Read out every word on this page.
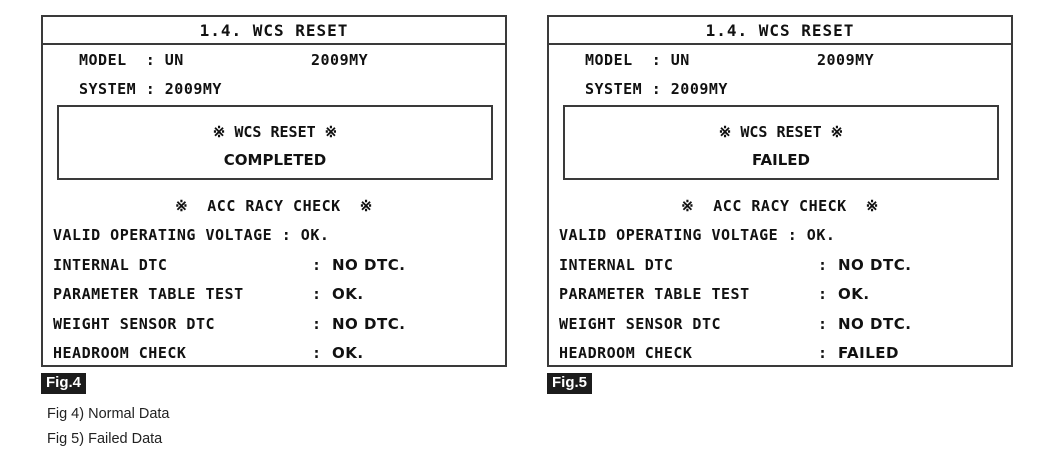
1.4. WCS RESET
MODEL  : UN	2009MY
SYSTEM : 2009MY
※ WCS RESET ※
COMPLETED
※  ACC RACY CHECK  ※
VALID OPERATING VOLTAGE : OK.
INTERNAL DTC	: NO DTC.
PARAMETER TABLE TEST	: OK.
WEIGHT SENSOR DTC	: NO DTC.
HEADROOM CHECK	: OK.
1.4. WCS RESET
MODEL  : UN	2009MY
SYSTEM : 2009MY
※ WCS RESET ※
FAILED
※  ACC RACY CHECK  ※
VALID OPERATING VOLTAGE : OK.
INTERNAL DTC	: NO DTC.
PARAMETER TABLE TEST	: OK.
WEIGHT SENSOR DTC	: NO DTC.
HEADROOM CHECK	: FAILED
Fig.4	Fig.5
Fig 4) Normal Data
Fig 5) Failed Data
